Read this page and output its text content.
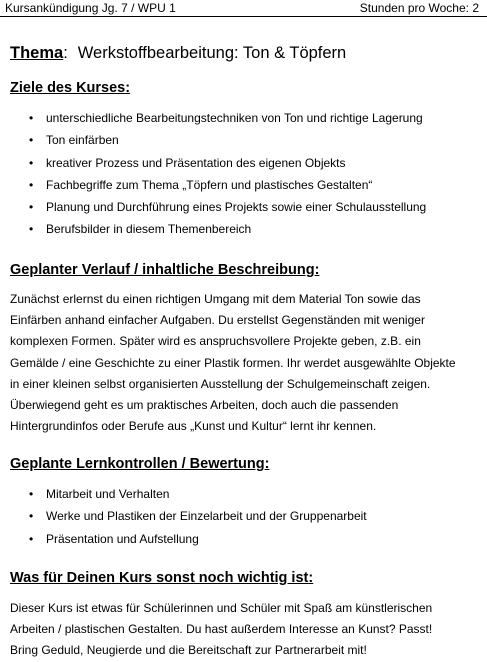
Kursankündigung Jg. 7 / WPU 1	Stunden pro Woche: 2
Thema: Werkstoffbearbeitung: Ton & Töpfern
Ziele des Kurses:
• unterschiedliche Bearbeitungstechniken von Ton und richtige Lagerung
• Ton einfärben
• kreativer Prozess und Präsentation des eigenen Objekts
• Fachbegriffe zum Thema „Töpfern und plastisches Gestalten“
• Planung und Durchführung eines Projekts sowie einer Schulausstellung
• Berufsbilder in diesem Themenbereich
Geplanter Verlauf / inhaltliche Beschreibung:
Zunächst erlernst du einen richtigen Umgang mit dem Material Ton sowie das
Einfärben anhand einfacher Aufgaben. Du erstellst Gegenständen mit weniger
komplexen Formen. Später wird es anspruchsvollere Projekte geben, z.B. ein
Gemälde / eine Geschichte zu einer Plastik formen. Ihr werdet ausgewählte Objekte
in einer kleinen selbst organisierten Ausstellung der Schulgemeinschaft zeigen.
Überwiegend geht es um praktisches Arbeiten, doch auch die passenden
Hintergrundinfos oder Berufe aus „Kunst und Kultur“ lernt ihr kennen.
Geplante Lernkontrollen / Bewertung:
• Mitarbeit und Verhalten
• Werke und Plastiken der Einzelarbeit und der Gruppenarbeit
• Präsentation und Aufstellung
Was für Deinen Kurs sonst noch wichtig ist:
Dieser Kurs ist etwas für Schülerinnen und Schüler mit Spaß am künstlerischen
Arbeiten / plastischen Gestalten. Du hast außerdem Interesse an Kunst? Passt!
Bring Geduld, Neugierde und die Bereitschaft zur Partnerarbeit mit!
